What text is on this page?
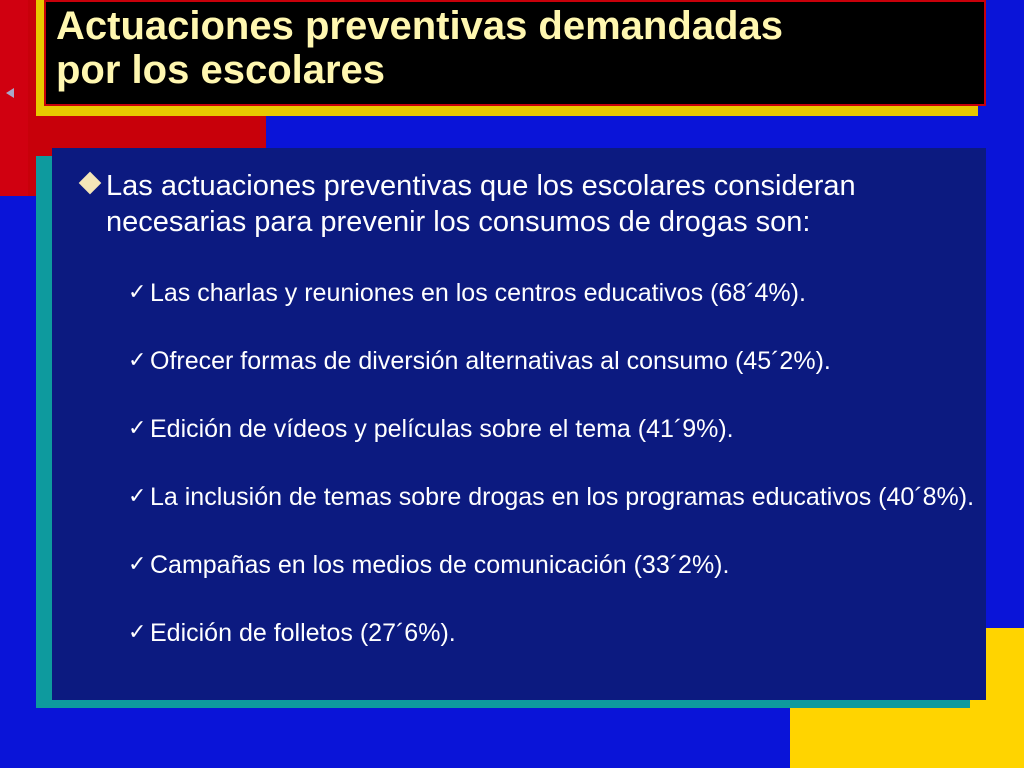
Actuaciones preventivas demandadas
por los escolares
Las actuaciones preventivas que los escolares consideran necesarias para prevenir los consumos de drogas son:
✓ Las charlas y reuniones en los centros educativos (68´4%).
✓ Ofrecer formas de diversión alternativas al consumo (45´2%).
✓ Edición de vídeos y películas sobre el tema (41´9%).
✓ La inclusión de temas sobre drogas en los programas educativos (40´8%).
✓ Campañas en los medios de comunicación (33´2%).
✓ Edición de folletos (27´6%).
